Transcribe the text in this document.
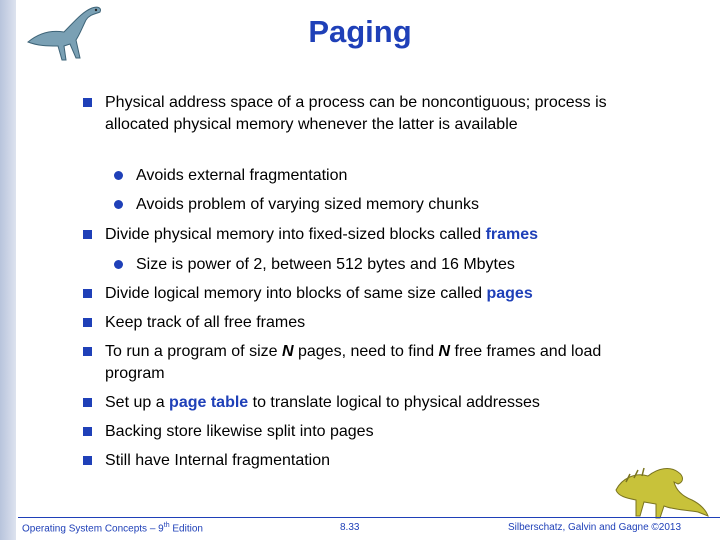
Paging
Physical address space of a process can be noncontiguous; process is allocated physical memory whenever the latter is available
Avoids external fragmentation
Avoids problem of varying sized memory chunks
Divide physical memory into fixed-sized blocks called frames
Size is power of 2, between 512 bytes and 16 Mbytes
Divide logical memory into blocks of same size called pages
Keep track of all free frames
To run a program of size N pages, need to find N free frames and load program
Set up a page table to translate logical to physical addresses
Backing store likewise split into pages
Still have Internal fragmentation
Operating System Concepts – 9th Edition	8.33	Silberschatz, Galvin and Gagne ©2013
